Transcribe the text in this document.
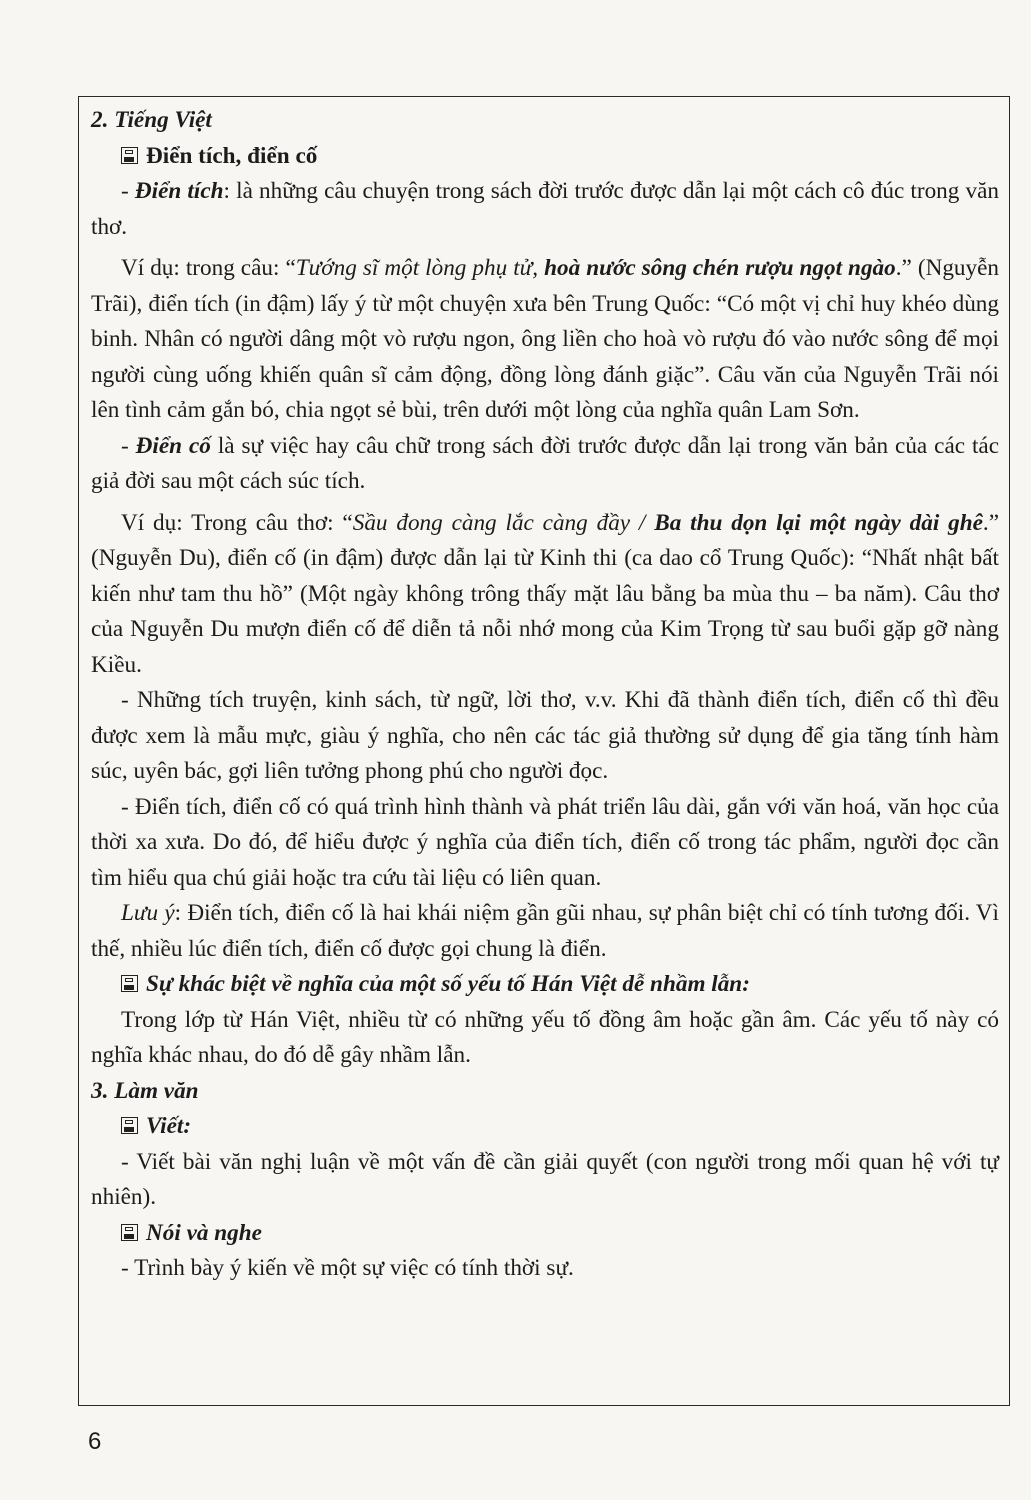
2. Tiếng Việt

Điển tích, điển cố

- Điển tích: là những câu chuyện trong sách đời trước được dẫn lại một cách cô đúc trong văn thơ.

Ví dụ: trong câu: “Tướng sĩ một lòng phụ tử, hoà nước sông chén rượu ngọt ngào.” (Nguyễn Trãi), điển tích (in đậm) lấy ý từ một chuyện xưa bên Trung Quốc: “Có một vị chỉ huy khéo dùng binh. Nhân có người dâng một vò rượu ngon, ông liền cho hoà vò rượu đó vào nước sông để mọi người cùng uống khiến quân sĩ cảm động, đồng lòng đánh giặc”. Câu văn của Nguyễn Trãi nói lên tình cảm gắn bó, chia ngọt sẻ bùi, trên dưới một lòng của nghĩa quân Lam Sơn.

- Điển cố là sự việc hay câu chữ trong sách đời trước được dẫn lại trong văn bản của các tác giả đời sau một cách súc tích.

Ví dụ: Trong câu thơ: “Sầu đong càng lắc càng đầy / Ba thu dọn lại một ngày dài ghê.” (Nguyễn Du), điển cố (in đậm) được dẫn lại từ Kinh thi (ca dao cổ Trung Quốc): “Nhất nhật bất kiến như tam thu hồ” (Một ngày không trông thấy mặt lâu bằng ba mùa thu – ba năm). Câu thơ của Nguyễn Du mượn điển cố để diễn tả nỗi nhớ mong của Kim Trọng từ sau buổi gặp gỡ nàng Kiều.

- Những tích truyện, kinh sách, từ ngữ, lời thơ, v.v. Khi đã thành điển tích, điển cố thì đều được xem là mẫu mực, giàu ý nghĩa, cho nên các tác giả thường sử dụng để gia tăng tính hàm súc, uyên bác, gợi liên tưởng phong phú cho người đọc.

- Điển tích, điển cố có quá trình hình thành và phát triển lâu dài, gắn với văn hoá, văn học của thời xa xưa. Do đó, để hiểu được ý nghĩa của điển tích, điển cố trong tác phẩm, người đọc cần tìm hiểu qua chú giải hoặc tra cứu tài liệu có liên quan.

Lưu ý: Điển tích, điển cố là hai khái niệm gần gũi nhau, sự phân biệt chỉ có tính tương đối. Vì thế, nhiều lúc điển tích, điển cố được gọi chung là điển.

Sự khác biệt về nghĩa của một số yếu tố Hán Việt dễ nhầm lẫn:

Trong lớp từ Hán Việt, nhiều từ có những yếu tố đồng âm hoặc gần âm. Các yếu tố này có nghĩa khác nhau, do đó dễ gây nhầm lẫn.

3. Làm văn

Viết:

- Viết bài văn nghị luận về một vấn đề cần giải quyết (con người trong mối quan hệ với tự nhiên).

Nói và nghe

- Trình bày ý kiến về một sự việc có tính thời sự.

6
